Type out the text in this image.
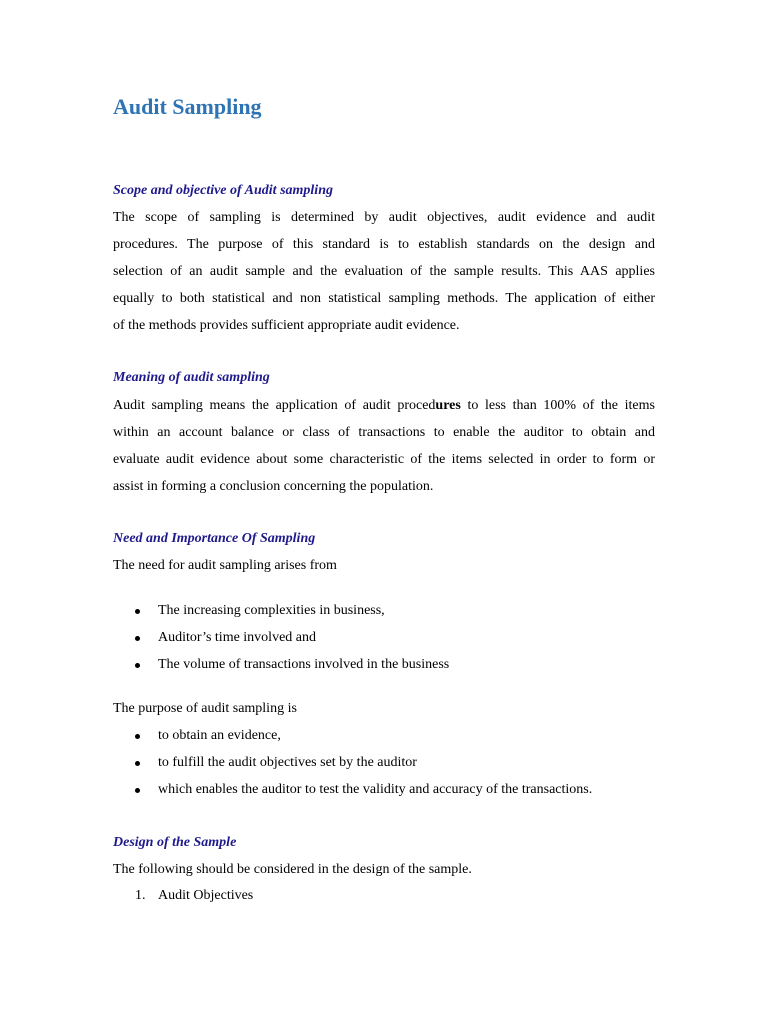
Audit Sampling
Scope and objective of Audit sampling
The scope of sampling is determined by audit objectives, audit evidence and audit
procedures. The purpose of this standard is to establish standards on the design and
selection of an audit sample and the evaluation of the sample results. This AAS applies
equally to both statistical and non statistical sampling methods. The application of either
of the methods provides sufficient appropriate audit evidence.
Meaning of audit sampling
Audit sampling means the application of audit procedures to less than 100% of the items
within an account balance or class of transactions to enable the auditor to obtain and
evaluate audit evidence about some characteristic of the items selected in order to form or
assist in forming a conclusion concerning the population.
Need and Importance Of Sampling

The need for audit sampling arises from

The increasing complexities in business,
Auditor’s time involved and
The volume of transactions involved in the business

The purpose of audit sampling is

to obtain an evidence,
to fulfill the audit objectives set by the auditor
which enables the auditor to test the validity and accuracy of the transactions.
Design of the Sample

The following should be considered in the design of the sample.

1. Audit Objectives
